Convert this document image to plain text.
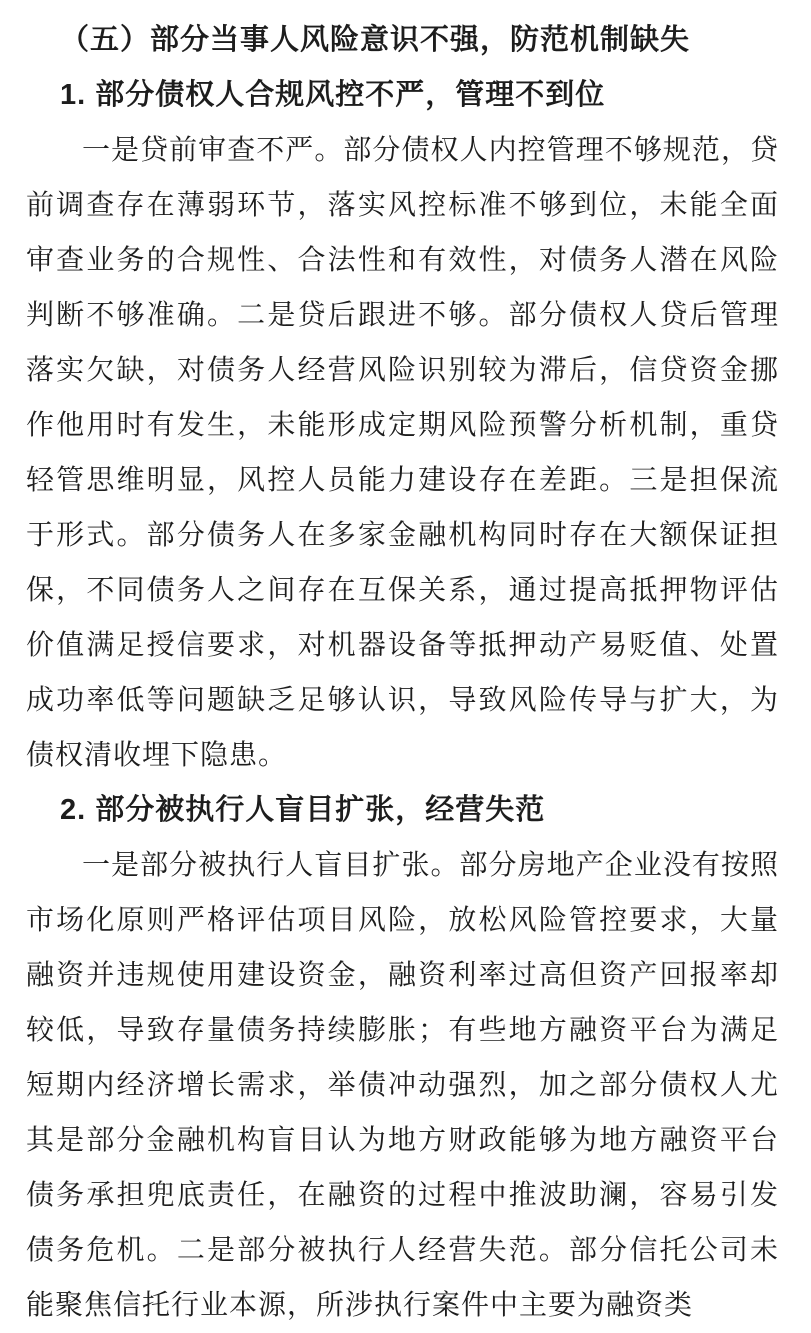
（五）部分当事人风险意识不强，防范机制缺失
1. 部分债权人合规风控不严，管理不到位

一是贷前审查不严。部分债权人内控管理不够规范，贷前调查存在薄弱环节，落实风控标准不够到位，未能全面审查业务的合规性、合法性和有效性，对债务人潜在风险判断不够准确。二是贷后跟进不够。部分债权人贷后管理落实欠缺，对债务人经营风险识别较为滞后，信贷资金挪作他用时有发生，未能形成定期风险预警分析机制，重贷轻管思维明显，风控人员能力建设存在差距。三是担保流于形式。部分债务人在多家金融机构同时存在大额保证担保，不同债务人之间存在互保关系，通过提高抵押物评估价值满足授信要求，对机器设备等抵押动产易贬值、处置成功率低等问题缺乏足够认识，导致风险传导与扩大，为债权清收埋下隐患。

2. 部分被执行人盲目扩张，经营失范

一是部分被执行人盲目扩张。部分房地产企业没有按照市场化原则严格评估项目风险，放松风险管控要求，大量融资并违规使用建设资金，融资利率过高但资产回报率却较低，导致存量债务持续膨胀；有些地方融资平台为满足短期内经济增长需求，举债冲动强烈，加之部分债权人尤其是部分金融机构盲目认为地方财政能够为地方融资平台债务承担兜底责任，在融资的过程中推波助澜，容易引发债务危机。二是部分被执行人经营失范。部分信托公司未能聚焦信托行业本源，所涉执行案件中主要为融资类
